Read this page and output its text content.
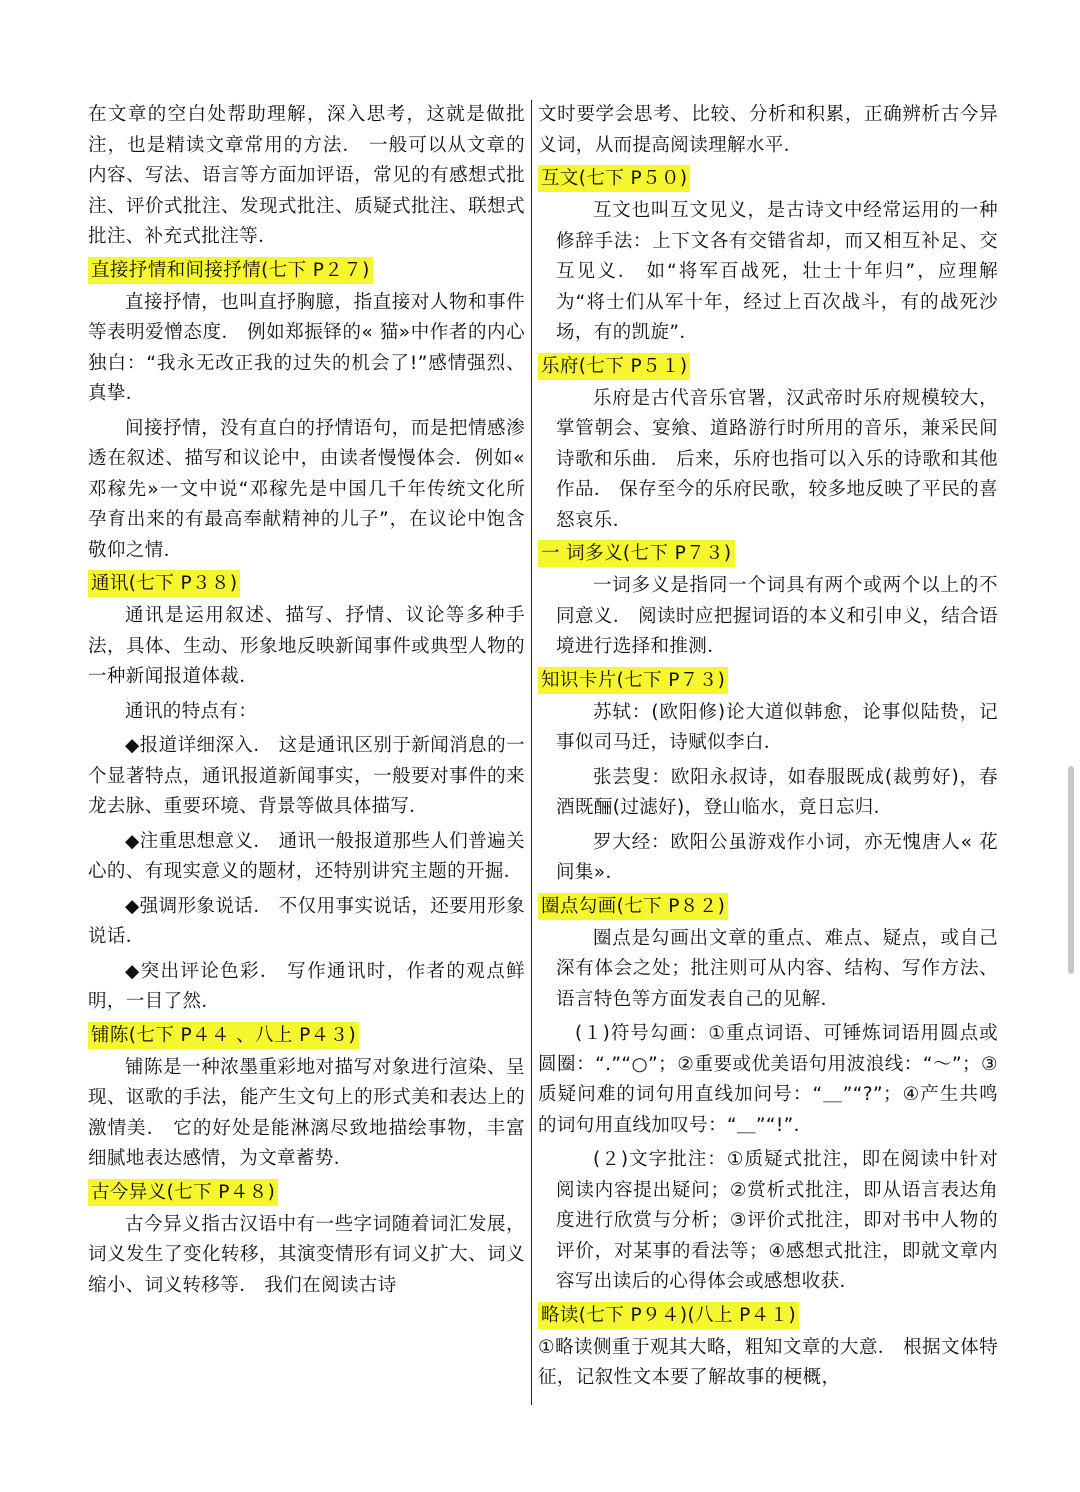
在文章的空白处帮助理解，深入思考，这就是做批注，也是精读文章常用的方法． 一般可以从文章的内容、写法、语言等方面加评语，常见的有感想式批注、评价式批注、发现式批注、质疑式批注、联想式批注、补充式批注等．

直接抒情和间接抒情(七下 P２７)

直接抒情，也叫直抒胸臆，指直接对人物和事件等表明爱憎态度． 例如郑振铎的« 猫»中作者的内心独白：“我永无改正我的过失的机会了!”感情强烈、真挚．

间接抒情，没有直白的抒情语句，而是把情感渗透在叙述、描写和议论中，由读者慢慢体会．例如« 邓稼先»一文中说“邓稼先是中国几千年传统文化所孕育出来的有最高奉献精神的儿子”，在议论中饱含敬仰之情．

通讯(七下 P３８)

通讯是运用叙述、描写、抒情、议论等多种手法，具体、生动、形象地反映新闻事件或典型人物的一种新闻报道体裁．

通讯的特点有：

◆报道详细深入． 这是通讯区别于新闻消息的一个显著特点，通讯报道新闻事实，一般要对事件的来龙去脉、重要环境、背景等做具体描写．

◆注重思想意义． 通讯一般报道那些人们普遍关心的、有现实意义的题材，还特别讲究主题的开掘．

◆强调形象说话． 不仅用事实说话，还要用形象说话．

◆突出评论色彩． 写作通讯时，作者的观点鲜明，一目了然．

铺陈(七下 P４４ 、八上 P４３)

铺陈是一种浓墨重彩地对描写对象进行渲染、呈现、讴歌的手法，能产生文句上的形式美和表达上的激情美． 它的好处是能淋漓尽致地描绘事物，丰富细腻地表达感情，为文章蓄势．

古今异义(七下 P４８)

古今异义指古汉语中有一些字词随着词汇发展，词义发生了变化转移，其演变情形有词义扩大、词义缩小、词义转移等． 我们在阅读古诗

文时要学会思考、比较、分析和积累，正确辨析古今异义词，从而提高阅读理解水平．

互文(七下 P５０)

互文也叫互文见义，是古诗文中经常运用的一种修辞手法：上下文各有交错省却，而又相互补足、交互见义． 如“将军百战死，壮士十年归”，应理解为“将士们从军十年，经过上百次战斗，有的战死沙场，有的凯旋”．

乐府(七下 P５１)

乐府是古代音乐官署，汉武帝时乐府规模较大，掌管朝会、宴飨、道路游行时所用的音乐，兼采民间诗歌和乐曲． 后来，乐府也指可以入乐的诗歌和其他作品． 保存至今的乐府民歌，较多地反映了平民的喜怒哀乐．

一 词多义(七下 P７３)

一词多义是指同一个词具有两个或两个以上的不同意义． 阅读时应把握词语的本义和引申义，结合语境进行选择和推测．

知识卡片(七下 P７３)

苏轼：(欧阳修)论大道似韩愈，论事似陆贽，记事似司马迁，诗赋似李白．

张芸叟：欧阳永叔诗，如春服既成(裁剪好)，春酒既酾(过滤好)，登山临水，竟日忘归．

罗大经：欧阳公虽游戏作小词，亦无愧唐人« 花间集»．

圈点勾画(七下 P８２)

圈点是勾画出文章的重点、难点、疑点，或自己深有体会之处；批注则可从内容、结构、写作方法、语言特色等方面发表自己的见解．

(１)符号勾画：①重点词语、可锤炼词语用圆点或圆圈：“.”“○”；②重要或优美语句用波浪线：“～”；③质疑问难的词句用直线加问号：“＿”“?”；④产生共鸣的词句用直线加叹号：“＿”“!”．

(２)文字批注：①质疑式批注，即在阅读中针对阅读内容提出疑问；②赏析式批注，即从语言表达角度进行欣赏与分析；③评价式批注，即对书中人物的评价，对某事的看法等；④感想式批注，即就文章内容写出读后的心得体会或感想收获．

略读(七下 P９４)(八上 P４１)

①略读侧重于观其大略，粗知文章的大意． 根据文体特征，记叙性文本要了解故事的梗概，
